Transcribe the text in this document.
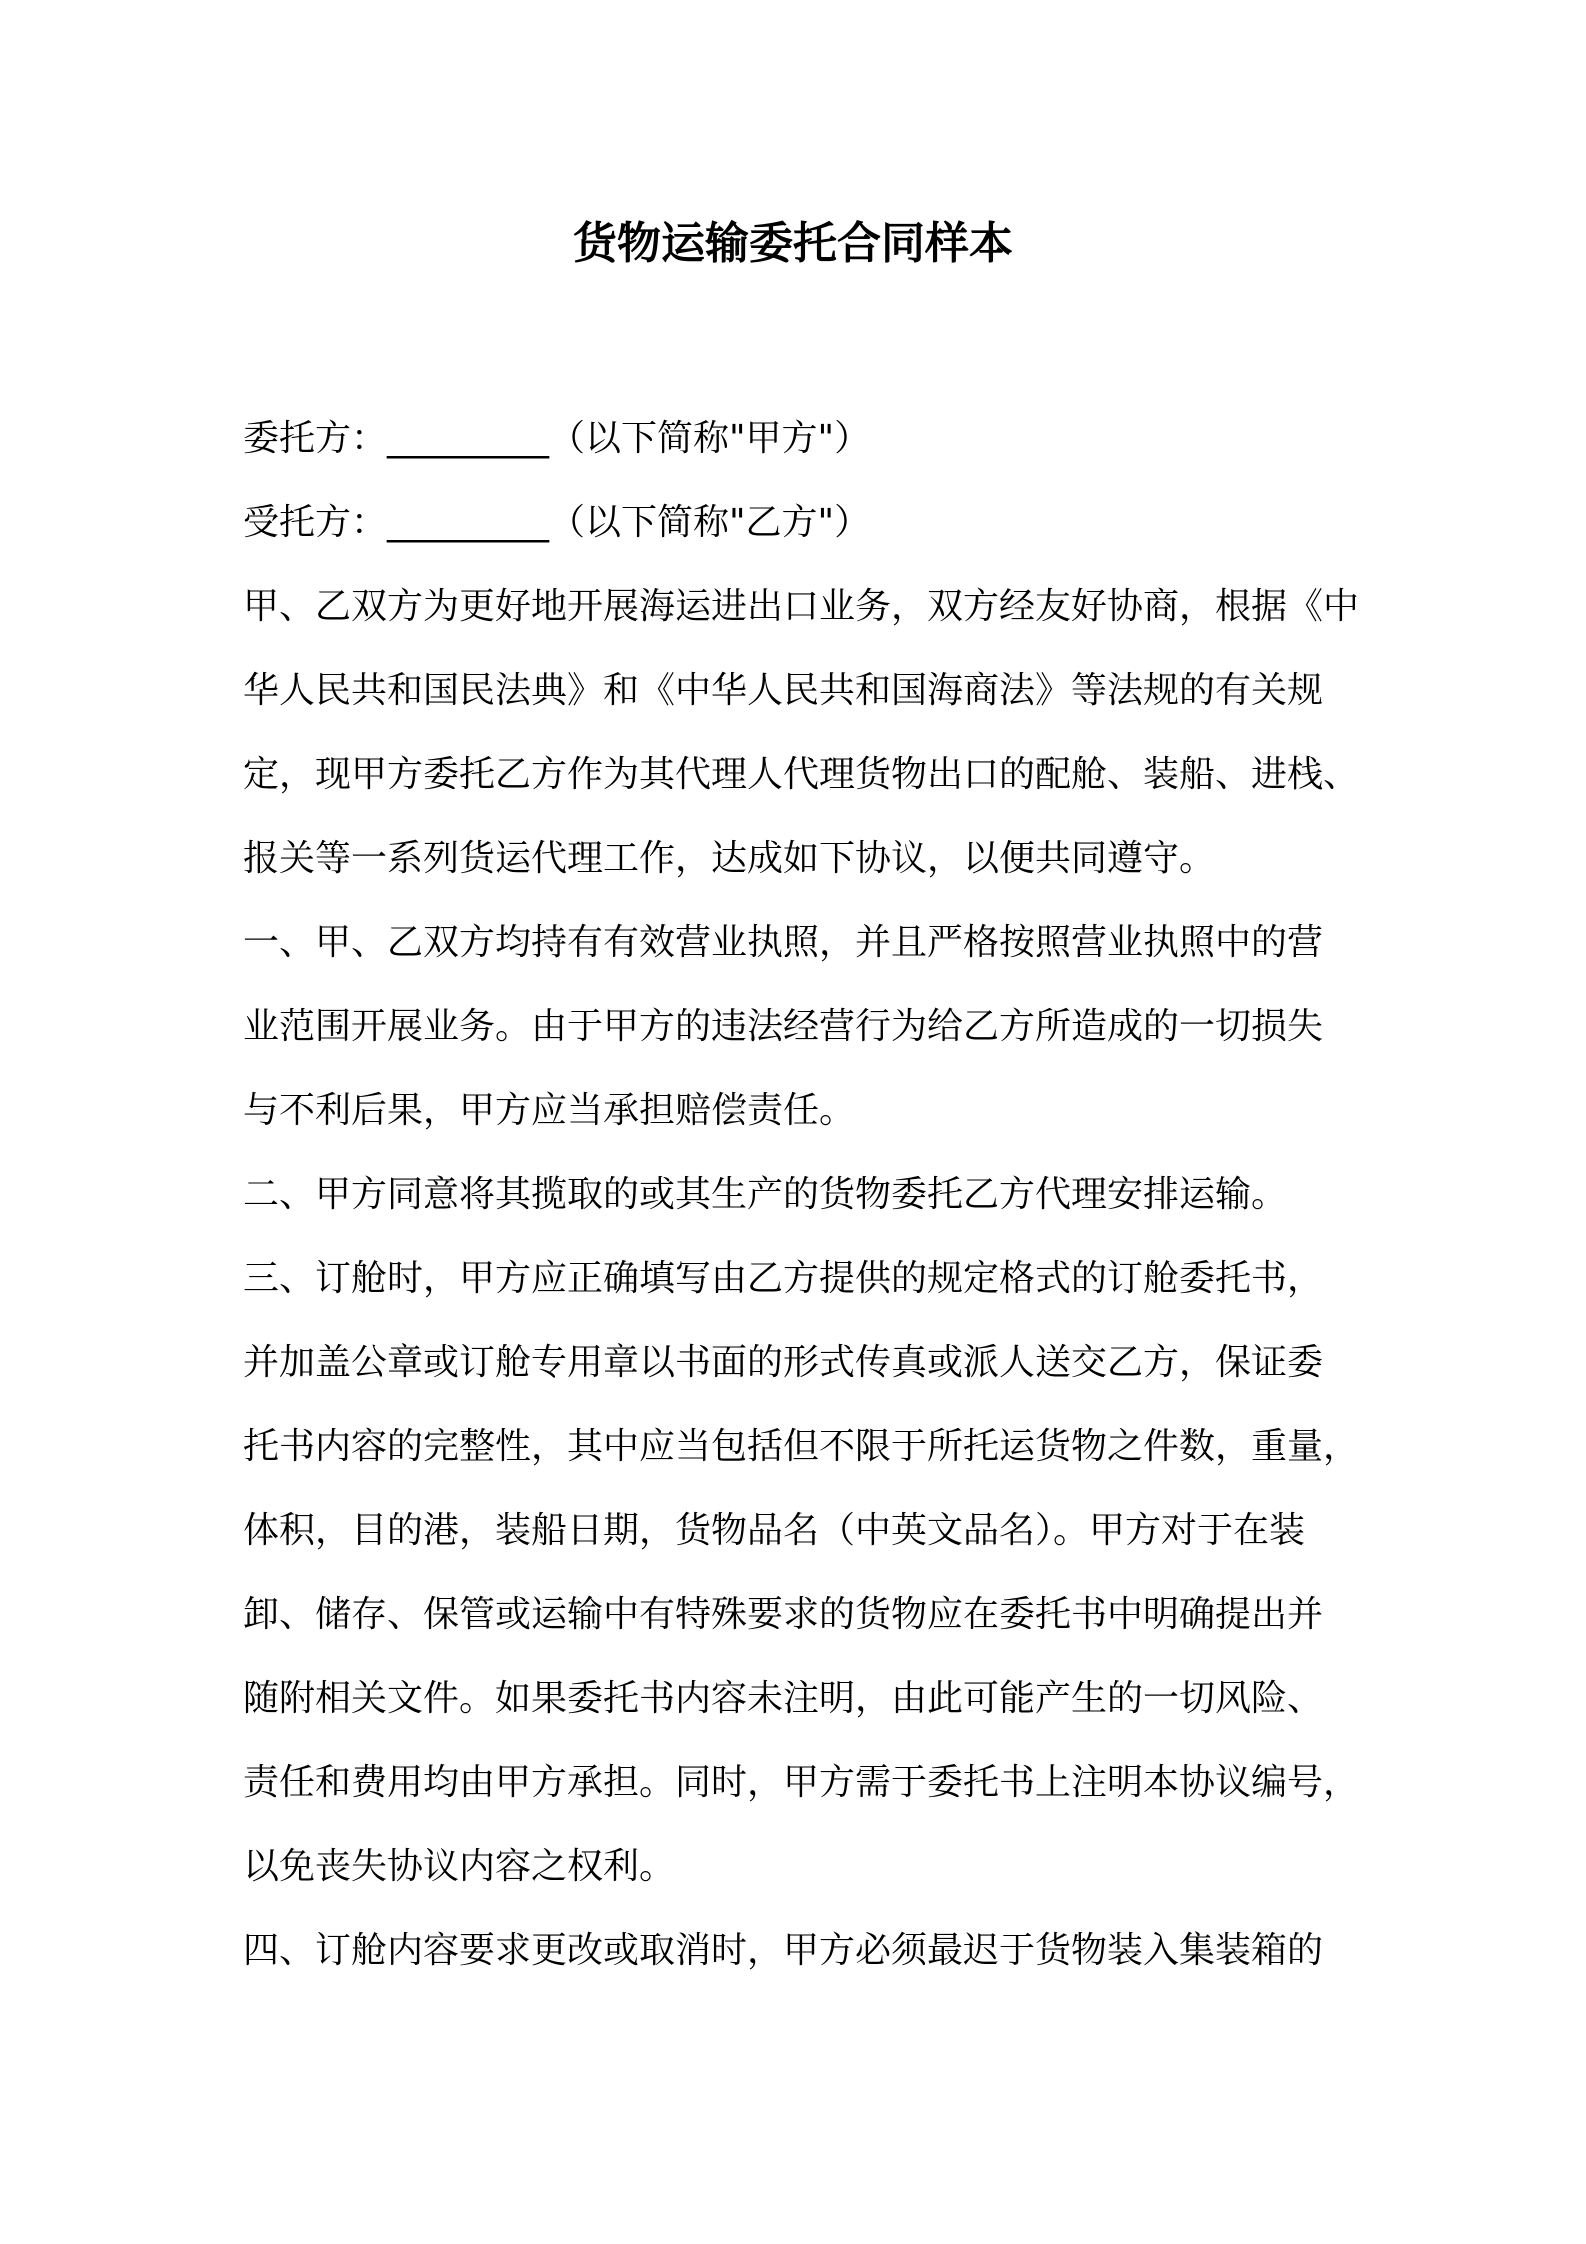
货物运输委托合同样本

委托方：_________（以下简称"甲方"）

受托方：_________（以下简称"乙方"）

甲、乙双方为更好地开展海运进出口业务，双方经友好协商，根据《中

华人民共和国民法典》和《中华人民共和国海商法》等法规的有关规

定，现甲方委托乙方作为其代理人代理货物出口的配舱、装船、进栈、

报关等一系列货运代理工作，达成如下协议，以便共同遵守。

一、甲、乙双方均持有有效营业执照，并且严格按照营业执照中的营

业范围开展业务。由于甲方的违法经营行为给乙方所造成的一切损失

与不利后果，甲方应当承担赔偿责任。

二、甲方同意将其揽取的或其生产的货物委托乙方代理安排运输。

三、订舱时，甲方应正确填写由乙方提供的规定格式的订舱委托书，

并加盖公章或订舱专用章以书面的形式传真或派人送交乙方，保证委

托书内容的完整性，其中应当包括但不限于所托运货物之件数，重量，

体积，目的港，装船日期，货物品名（中英文品名）。甲方对于在装

卸、储存、保管或运输中有特殊要求的货物应在委托书中明确提出并

随附相关文件。如果委托书内容未注明，由此可能产生的一切风险、

责任和费用均由甲方承担。同时，甲方需于委托书上注明本协议编号，

以免丧失协议内容之权利。

四、订舱内容要求更改或取消时，甲方必须最迟于货物装入集装箱的
